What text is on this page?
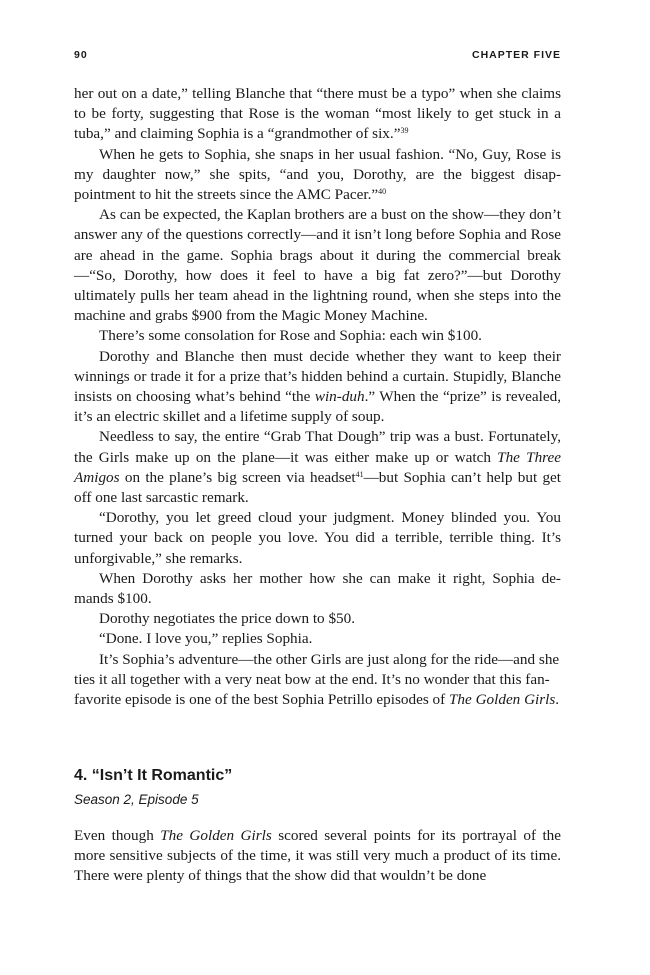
90	CHAPTER FIVE

her out on a date,” telling Blanche that “there must be a typo” when she claims to be forty, suggesting that Rose is the woman “most likely to get stuck in a tuba,” and claiming Sophia is a “grandmother of six.”$^{39}$

When he gets to Sophia, she snaps in her usual fashion. “No, Guy, Rose is my daughter now,” she spits, “and you, Dorothy, are the biggest disap-pointment to hit the streets since the AMC Pacer.”$^{40}$

As can be expected, the Kaplan brothers are a bust on the show—they don’t answer any of the questions correctly—and it isn’t long before Sophia and Rose are ahead in the game. Sophia brags about it during the commercial break—“So, Dorothy, how does it feel to have a big fat zero?”—but Dorothy ultimately pulls her team ahead in the lightning round, when she steps into the machine and grabs $900 from the Magic Money Machine.

There’s some consolation for Rose and Sophia: each win $100.

Dorothy and Blanche then must decide whether they want to keep their winnings or trade it for a prize that’s hidden behind a curtain. Stupidly, Blanche insists on choosing what’s behind “the win-duh.” When the “prize” is revealed, it’s an electric skillet and a lifetime supply of soup.

Needless to say, the entire “Grab That Dough” trip was a bust. Fortunately, the Girls make up on the plane—it was either make up or watch The Three Amigos on the plane’s big screen via headset$^{41}$—but Sophia can’t help but get off one last sarcastic remark.

“Dorothy, you let greed cloud your judgment. Money blinded you. You turned your back on people you love. You did a terrible, terrible thing. It’s unforgivable,” she remarks.

When Dorothy asks her mother how she can make it right, Sophia de-mands $100.

Dorothy negotiates the price down to $50.

“Done. I love you,” replies Sophia.

It’s Sophia’s adventure—the other Girls are just along for the ride—and she ties it all together with a very neat bow at the end. It’s no wonder that this fan-favorite episode is one of the best Sophia Petrillo episodes of The Golden Girls.

4. “Isn’t It Romantic”

Season 2, Episode 5

Even though The Golden Girls scored several points for its portrayal of the more sensitive subjects of the time, it was still very much a product of its time. There were plenty of things that the show did that wouldn’t be done
